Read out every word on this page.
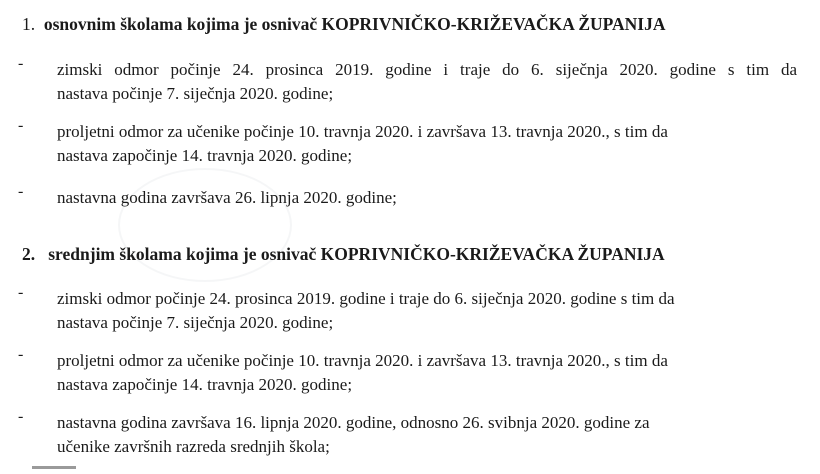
1. osnovnim školama kojima je osnivač KOPRIVNIČKO-KRIŽEVAČKA ŽUPANIJA
- zimski odmor počinje 24. prosinca 2019. godine i traje do 6. siječnja 2020. godine s tim da
nastava počinje 7. siječnja 2020. godine;
- proljetni odmor za učenike počinje 10. travnja 2020. i završava 13. travnja 2020., s tim da
nastava započinje 14. travnja 2020. godine;
- nastavna godina završava 26. lipnja 2020. godine;
2. srednjim školama kojima je osnivač KOPRIVNIČKO-KRIŽEVAČKA ŽUPANIJA
- zimski odmor počinje 24. prosinca 2019. godine i traje do 6. siječnja 2020. godine s tim da
nastava počinje 7. siječnja 2020. godine;
- proljetni odmor za učenike počinje 10. travnja 2020. i završava 13. travnja 2020., s tim da
nastava započinje 14. travnja 2020. godine;
- nastavna godina završava 16. lipnja 2020. godine, odnosno 26. svibnja 2020. godine za
učenike završnih razreda srednjih škola;
